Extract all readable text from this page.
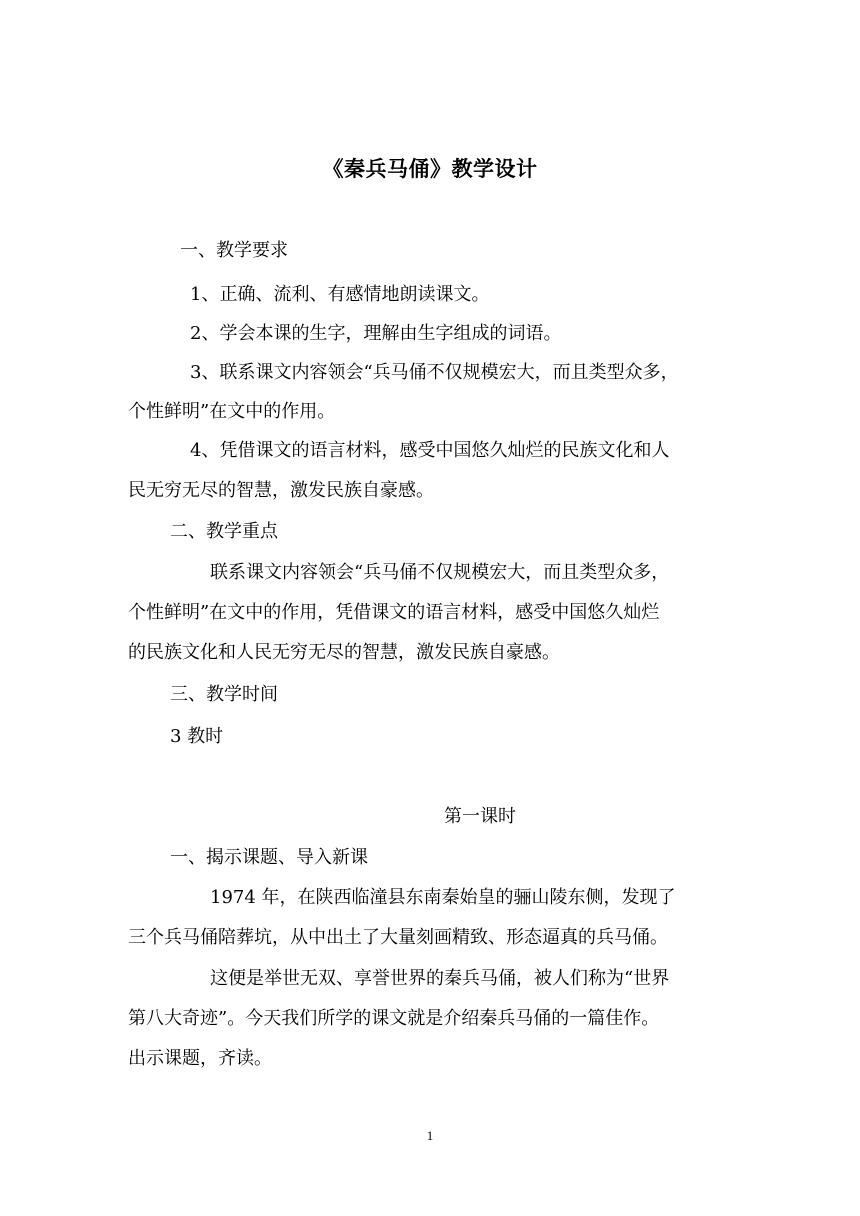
《秦兵马俑》教学设计
一、教学要求
1、正确、流利、有感情地朗读课文。
2、学会本课的生字，理解由生字组成的词语。
3、联系课文内容领会“兵马俑不仅规模宏大，而且类型众多，
个性鲜明”在文中的作用。
4、凭借课文的语言材料，感受中国悠久灿烂的民族文化和人
民无穷无尽的智慧，激发民族自豪感。
二、教学重点
联系课文内容领会“兵马俑不仅规模宏大，而且类型众多，
个性鲜明”在文中的作用，凭借课文的语言材料，感受中国悠久灿烂
的民族文化和人民无穷无尽的智慧，激发民族自豪感。
三、教学时间
3 教时
第一课时
一、揭示课题、导入新课
1974 年，在陕西临潼县东南秦始皇的骊山陵东侧，发现了
三个兵马俑陪葬坑，从中出土了大量刻画精致、形态逼真的兵马俑。
这便是举世无双、享誉世界的秦兵马俑，被人们称为“世界
第八大奇迹”。今天我们所学的课文就是介绍秦兵马俑的一篇佳作。
出示课题，齐读。
1
